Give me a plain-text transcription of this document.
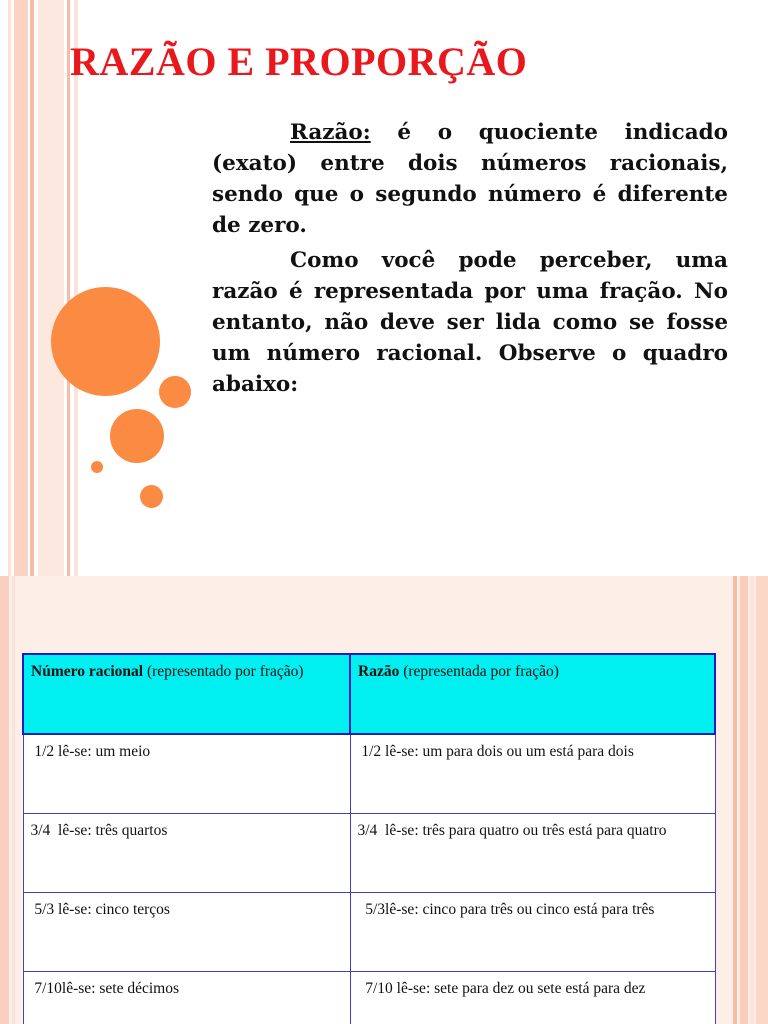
RAZÃO E PROPORÇÃO

Razão: é o quociente indicado (exato) entre dois números racionais, sendo que o segundo número é diferente de zero.

Como você pode perceber, uma razão é representada por uma fração. No entanto, não deve ser lida como se fosse um número racional. Observe o quadro abaixo:

Número racional (representado por fração)	Razão (representada por fração)
1/2 lê-se: um meio	1/2 lê-se: um para dois ou um está para dois
3/4  lê-se: três quartos	3/4  lê-se: três para quatro ou três está para quatro
5/3 lê-se: cinco terços	5/3lê-se: cinco para três ou cinco está para três
7/10lê-se: sete décimos	7/10 lê-se: sete para dez ou sete está para dez
